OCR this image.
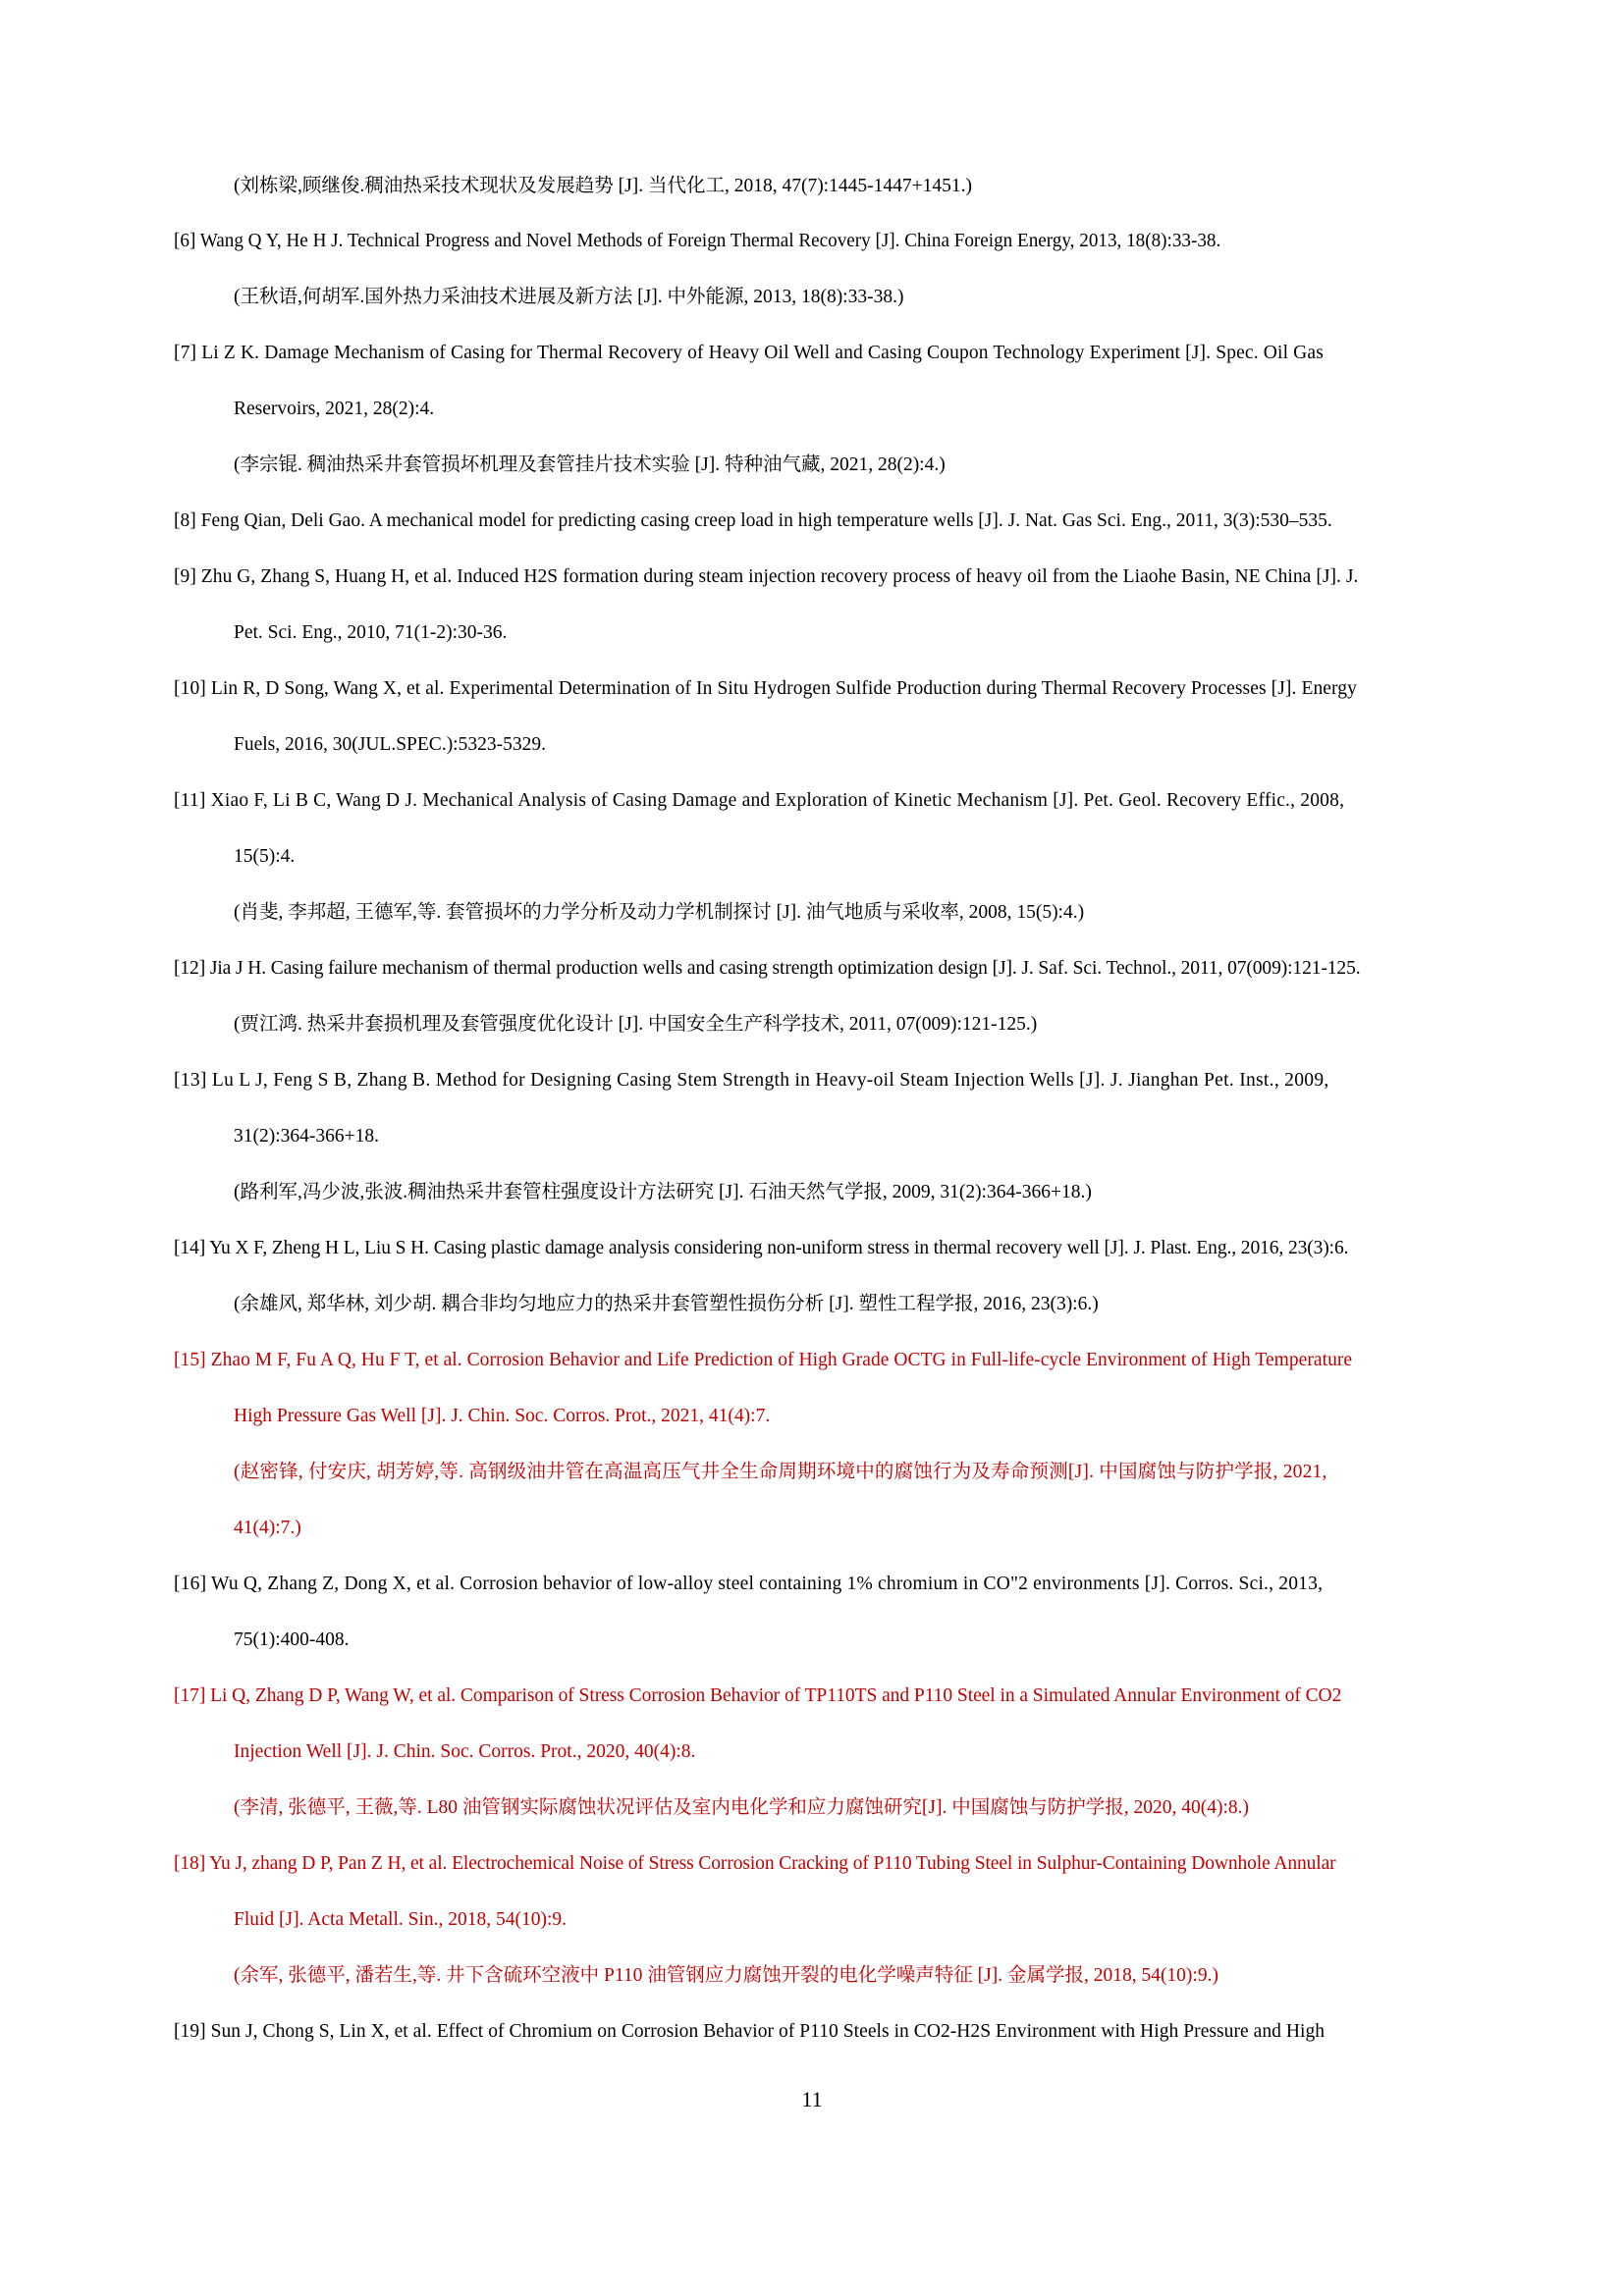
(刘栋梁,顾继俊.稠油热采技术现状及发展趋势 [J]. 当代化工, 2018, 47(7):1445-1447+1451.)
[6] Wang Q Y, He H J. Technical Progress and Novel Methods of Foreign Thermal Recovery [J]. China Foreign Energy, 2013, 18(8):33-38.
(王秋语,何胡军.国外热力采油技术进展及新方法 [J]. 中外能源, 2013, 18(8):33-38.)
[7] Li Z K. Damage Mechanism of Casing for Thermal Recovery of Heavy Oil Well and Casing Coupon Technology Experiment [J]. Spec. Oil Gas
Reservoirs, 2021, 28(2):4.
(李宗锟. 稠油热采井套管损坏机理及套管挂片技术实验 [J]. 特种油气藏, 2021, 28(2):4.)
[8] Feng Qian, Deli Gao. A mechanical model for predicting casing creep load in high temperature wells [J]. J. Nat. Gas Sci. Eng., 2011, 3(3):530–535.
[9] Zhu G, Zhang S, Huang H, et al. Induced H2S formation during steam injection recovery process of heavy oil from the Liaohe Basin, NE China [J]. J.
Pet. Sci. Eng., 2010, 71(1-2):30-36.
[10] Lin R, D Song, Wang X, et al. Experimental Determination of In Situ Hydrogen Sulfide Production during Thermal Recovery Processes [J]. Energy
Fuels, 2016, 30(JUL.SPEC.):5323-5329.
[11] Xiao F, Li B C, Wang D J. Mechanical Analysis of Casing Damage and Exploration of Kinetic Mechanism [J]. Pet. Geol. Recovery Effic., 2008,
15(5):4.
(肖斐, 李邦超, 王德军,等. 套管损坏的力学分析及动力学机制探讨 [J]. 油气地质与采收率, 2008, 15(5):4.)
[12] Jia J H. Casing failure mechanism of thermal production wells and casing strength optimization design [J]. J. Saf. Sci. Technol., 2011, 07(009):121-125.
(贾江鸿. 热采井套损机理及套管强度优化设计 [J]. 中国安全生产科学技术, 2011, 07(009):121-125.)
[13] Lu L J, Feng S B, Zhang B. Method for Designing Casing Stem Strength in Heavy-oil Steam Injection Wells [J]. J. Jianghan Pet. Inst., 2009,
31(2):364-366+18.
(路利军,冯少波,张波.稠油热采井套管柱强度设计方法研究 [J]. 石油天然气学报, 2009, 31(2):364-366+18.)
[14] Yu X F, Zheng H L, Liu S H. Casing plastic damage analysis considering non-uniform stress in thermal recovery well [J]. J. Plast. Eng., 2016, 23(3):6.
(余雄风, 郑华林, 刘少胡. 耦合非均匀地应力的热采井套管塑性损伤分析 [J]. 塑性工程学报, 2016, 23(3):6.)
[15] Zhao M F, Fu A Q, Hu F T, et al. Corrosion Behavior and Life Prediction of High Grade OCTG in Full-life-cycle Environment of High Temperature
High Pressure Gas Well [J]. J. Chin. Soc. Corros. Prot., 2021, 41(4):7.
(赵密锋, 付安庆, 胡芳婷,等. 高钢级油井管在高温高压气井全生命周期环境中的腐蚀行为及寿命预测[J]. 中国腐蚀与防护学报, 2021,
41(4):7.)
[16] Wu Q, Zhang Z, Dong X, et al. Corrosion behavior of low-alloy steel containing 1% chromium in CO"2 environments [J]. Corros. Sci., 2013,
75(1):400-408.
[17] Li Q, Zhang D P, Wang W, et al. Comparison of Stress Corrosion Behavior of TP110TS and P110 Steel in a Simulated Annular Environment of CO2
Injection Well [J]. J. Chin. Soc. Corros. Prot., 2020, 40(4):8.
(李清, 张德平, 王薇,等. L80 油管钢实际腐蚀状况评估及室内电化学和应力腐蚀研究[J]. 中国腐蚀与防护学报, 2020, 40(4):8.)
[18] Yu J, zhang D P, Pan Z H, et al. Electrochemical Noise of Stress Corrosion Cracking of P110 Tubing Steel in Sulphur-Containing Downhole Annular
Fluid [J]. Acta Metall. Sin., 2018, 54(10):9.
(余军, 张德平, 潘若生,等. 井下含硫环空液中 P110 油管钢应力腐蚀开裂的电化学噪声特征 [J]. 金属学报, 2018, 54(10):9.)
[19] Sun J, Chong S, Lin X, et al. Effect of Chromium on Corrosion Behavior of P110 Steels in CO2-H2S Environment with High Pressure and High
11
